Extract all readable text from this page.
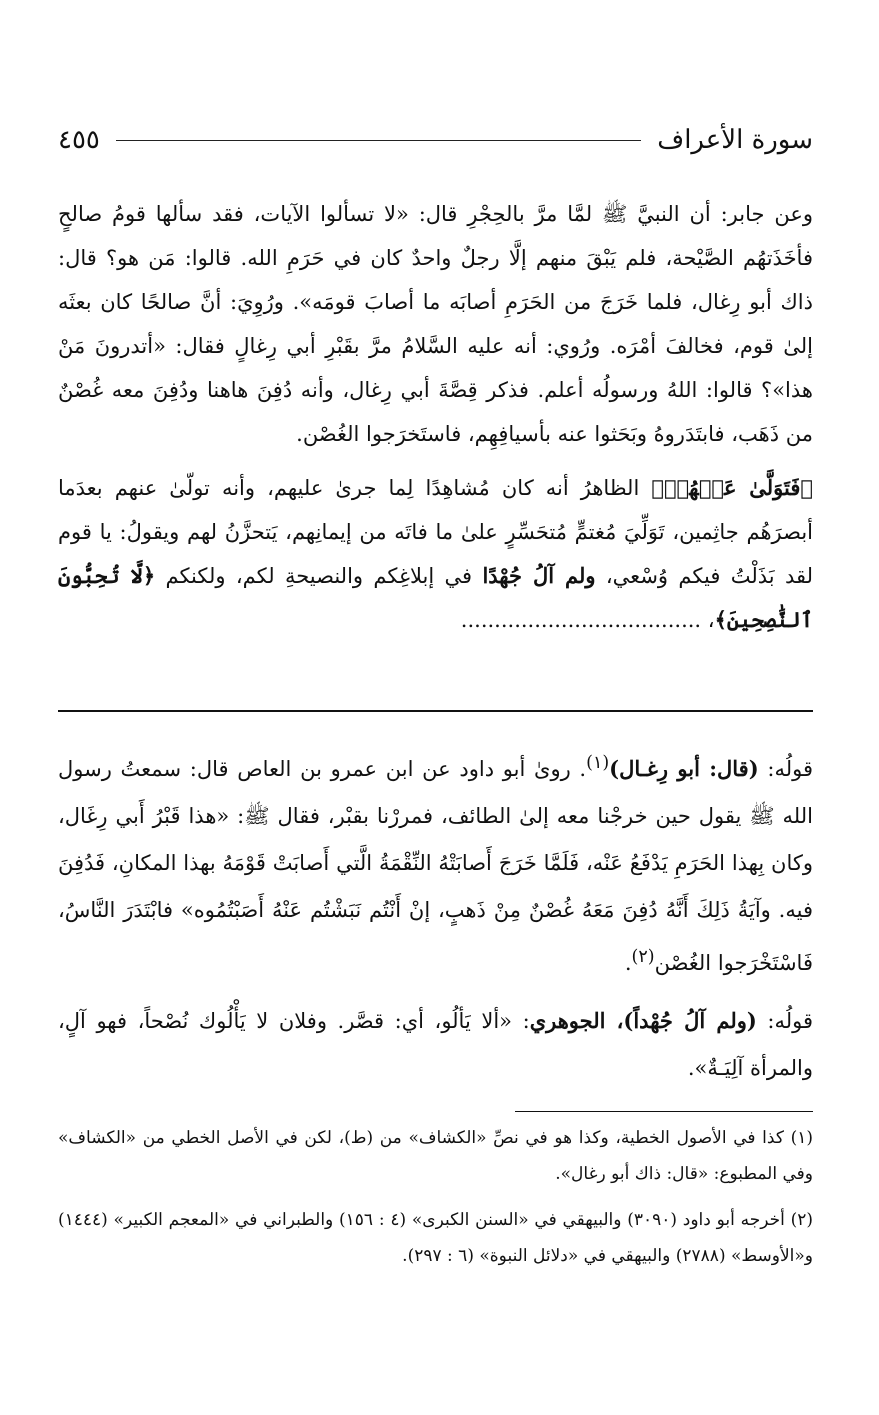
سورة الأعراف
٤٥٥

وعن جابر: أن النبيَّ ﷺ لمَّا مرَّ بالحِجْرِ قال: «لا تسألوا الآيات، فقد سألها قومُ صالحٍ فأخَذَتهُم الصَّيْحة، فلم يَبْقَ منهم إلَّا رجلٌ واحدٌ كان في حَرَمِ الله. قالوا: مَن هو؟ قال: ذاك أبو رِغال، فلما خَرَجَ من الحَرَمِ أصابَه ما أصابَ قومَه». ورُوِيَ: أنَّ صالحًا كان بعثَه إلىٰ قوم، فخالفَ أمْرَه. ورُوي: أنه عليه السَّلامُ مرَّ بقَبْرِ أبي رِغالٍ فقال: «أتدرونَ مَنْ هذا»؟ قالوا: اللهُ ورسولُه أعلم. فذكر قِصَّةَ أبي رِغال، وأنه دُفِنَ هاهنا ودُفِنَ معه غُصْنٌ من ذَهَب، فابتَدَروهُ وبَحَثوا عنه بأسيافِهِم، فاستَخرَجوا الغُصْن.

﴿فَتَوَلَّىٰ عَنۡهُمۡ﴾ الظاهرُ أنه كان مُشاهِدًا لِما جرىٰ عليهم، وأنه تولّىٰ عنهم بعدَما أبصرَهُم جاثِمين، تَوَلِّيَ مُغتمٍّ مُتحَسِّرٍ علىٰ ما فاتَه من إيمانِهم، يَتحزَّنُ لهم ويقولُ: يا قوم لقد بَذَلْتُ فيكم وُسْعي، ولم آلُ جُهْدًا في إبلاغِكم والنصيحةِ لكم، ولكنكم ﴿لَّا تُحِبُّونَ ٱلنَّٰصِحِينَ﴾، ....................................

قولُه: (قال: أبو رِغـال)$^{(١)}$. روىٰ أبو داود عن ابن عمرو بن العاص قال: سمعتُ رسول الله ﷺ يقول حين خرجْنا معه إلىٰ الطائف، فمررْنا بقبْر، فقال ﷺ: «هذا قَبْرُ أَبي رِغَال، وكان بِهذا الحَرَمِ يَدْفَعُ عَنْه، فَلَمَّا خَرَجَ أَصابَتْهُ النِّقْمَةُ الَّتي أَصابَتْ قَوْمَهُ بهذا المكانِ، فَدُفِنَ فيه. وآيَةُ ذَلِكَ أَنَّهُ دُفِنَ مَعَهُ غُصْنٌ مِنْ ذَهبٍ، إنْ أَنْتُم نَبَشْتُم عَنْهُ أَصَبْتُمُوه» فابْتَدَرَ النَّاسُ، فَاسْتَخْرَجوا الغُصْن$^{(٢)}$.

قولُه: (ولم آلُ جُهْداً)، الجوهري: «ألا يَألُو، أي: قصَّر. وفلان لا يَأْلُوك نُصْحاً، فهو آلٍ، والمرأة آلِيَـةٌ».

(١) كذا في الأصول الخطية، وكذا هو في نصِّ «الكشاف» من (ط)، لكن في الأصل الخطي من «الكشاف» وفي المطبوع: «قال: ذاك أبو رغال».

(٢) أخرجه أبو داود (٣٠٩٠) والبيهقي في «السنن الكبرى» (٤ : ١٥٦) والطبراني في «المعجم الكبير» (١٤٤٤) و«الأوسط» (٢٧٨٨) والبيهقي في «دلائل النبوة» (٦ : ٢٩٧).
